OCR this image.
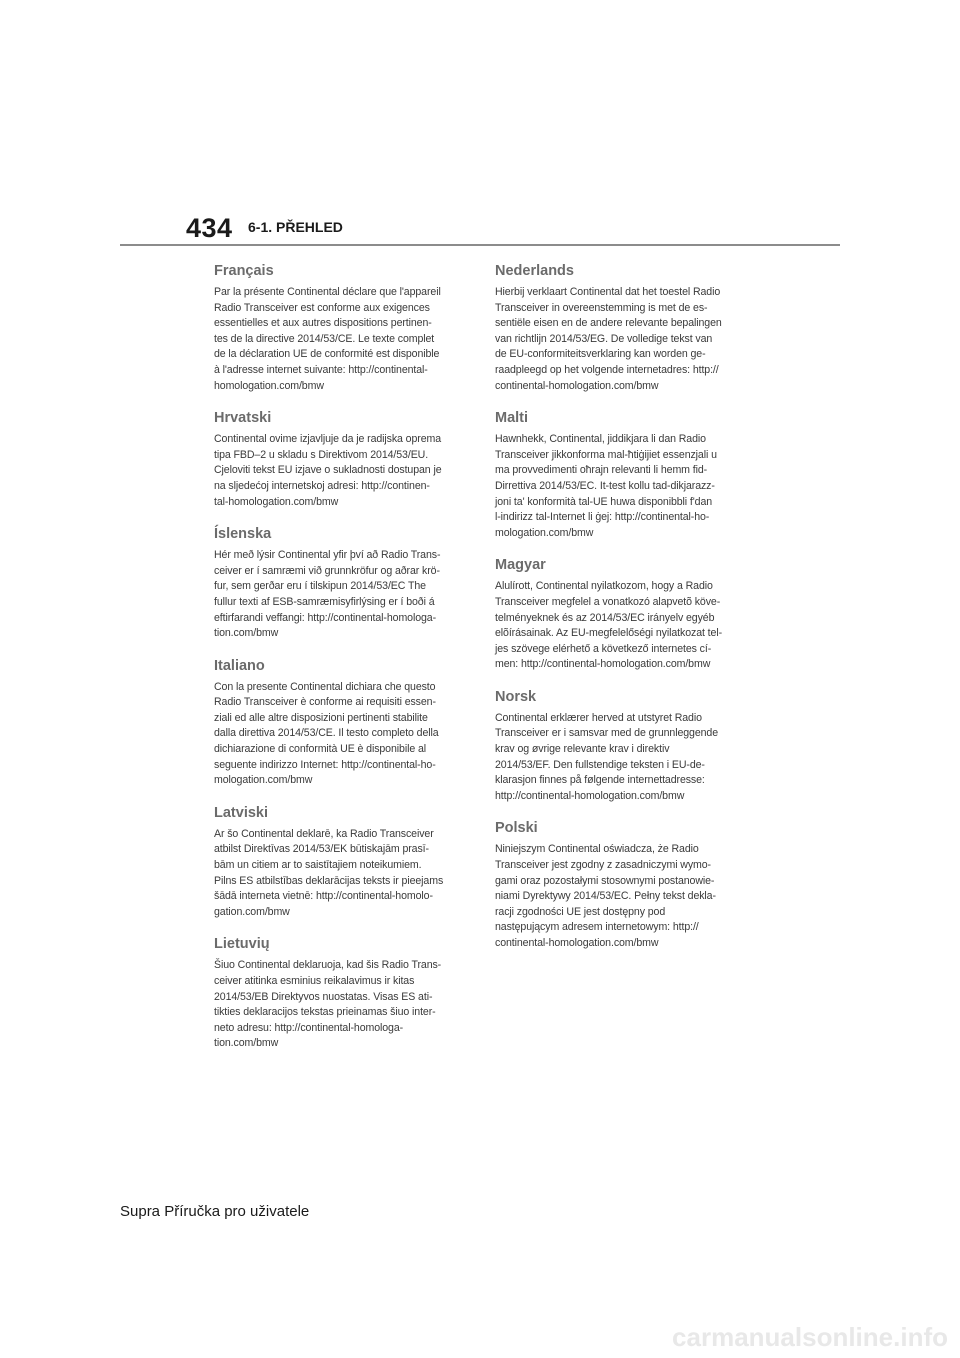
434 6-1. PŘEHLED
Français

Par la présente Continental déclare que l'appareil
Radio Transceiver est conforme aux exigences
essentielles et aux autres dispositions pertinen-
tes de la directive 2014/53/CE. Le texte complet
de la déclaration UE de conformité est disponible
à l'adresse internet suivante: http://continental-
homologation.com/bmw

Hrvatski

Continental ovime izjavljuje da je radijska oprema
tipa FBD–2 u skladu s Direktivom 2014/53/EU.
Cjeloviti tekst EU izjave o sukladnosti dostupan je
na sljedećoj internetskoj adresi: http://continen-
tal-homologation.com/bmw

Íslenska

Hér með lýsir Continental yfir því að Radio Trans-
ceiver er í samræmi við grunnkröfur og aðrar krö-
fur, sem gerðar eru í tilskipun 2014/53/EC The
fullur texti af ESB-samræmisyfirlýsing er í boði á
eftirfarandi veffangi: http://continental-homologa-
tion.com/bmw

Italiano

Con la presente Continental dichiara che questo
Radio Transceiver è conforme ai requisiti essen-
ziali ed alle altre disposizioni pertinenti stabilite
dalla direttiva 2014/53/CE. Il testo completo della
dichiarazione di conformità UE è disponibile al
seguente indirizzo Internet: http://continental-ho-
mologation.com/bmw

Latviski

Ar šo Continental deklarē, ka Radio Transceiver
atbilst Direktīvas 2014/53/EK būtiskajām prasī-
bām un citiem ar to saistītajiem noteikumiem.
Pilns ES atbilstības deklarācijas teksts ir pieejams
šādā interneta vietnē: http://continental-homolo-
gation.com/bmw

Lietuvių

Šiuo Continental deklaruoja, kad šis Radio Trans-
ceiver atitinka esminius reikalavimus ir kitas
2014/53/EB Direktyvos nuostatas. Visas ES ati-
tikties deklaracijos tekstas prieinamas šiuo inter-
neto adresu: http://continental-homologa-
tion.com/bmw

Nederlands

Hierbij verklaart Continental dat het toestel Radio
Transceiver in overeenstemming is met de es-
sentiële eisen en de andere relevante bepalingen
van richtlijn 2014/53/EG. De volledige tekst van
de EU-conformiteitsverklaring kan worden ge-
raadpleegd op het volgende internetadres: http://
continental-homologation.com/bmw

Malti

Hawnhekk, Continental, jiddikjara li dan Radio
Transceiver jikkonforma mal-ħtiġijiet essenzjali u
ma provvedimenti oħrajn relevanti li hemm fid-
Dirrettiva 2014/53/EC. It-test kollu tad-dikjarazz-
joni ta' konformità tal-UE huwa disponibbli f'dan
l-indirizz tal-Internet li ġej: http://continental-ho-
mologation.com/bmw

Magyar

Alulírott, Continental nyilatkozom, hogy a Radio
Transceiver megfelel a vonatkozó alapvetõ köve-
telményeknek és az 2014/53/EC irányelv egyéb
elõírásainak. Az EU-megfelelőségi nyilatkozat tel-
jes szövege elérhető a következő internetes cí-
men: http://continental-homologation.com/bmw

Norsk

Continental erklærer herved at utstyret Radio
Transceiver er i samsvar med de grunnleggende
krav og øvrige relevante krav i direktiv
2014/53/EF. Den fullstendige teksten i EU-de-
klarasjon finnes på følgende internettadresse:
http://continental-homologation.com/bmw

Polski

Niniejszym Continental oświadcza, że Radio
Transceiver jest zgodny z zasadniczymi wymo-
gami oraz pozostałymi stosownymi postanowie-
niami Dyrektywy 2014/53/EC. Pełny tekst dekla-
racji zgodności UE jest dostępny pod
następującym adresem internetowym: http://
continental-homologation.com/bmw

Supra Příručka pro uživatele
carmanualsonline.info
